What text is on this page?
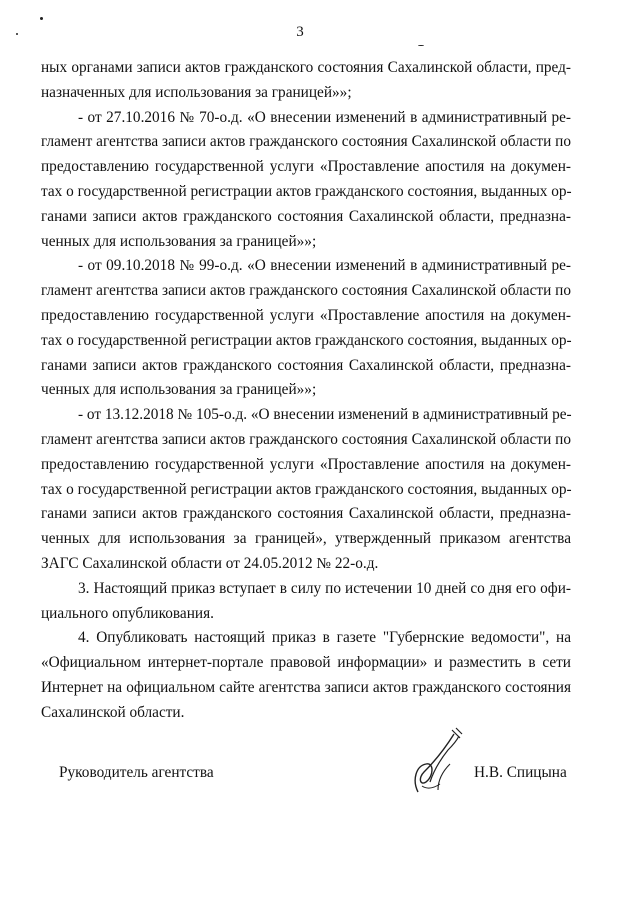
3
ных органами записи актов гражданского состояния Сахалинской области, пред-
назначенных для использования за границей»»;
- от 27.10.2016 № 70-о.д. «О внесении изменений в административный ре-
гламент агентства записи актов гражданского состояния Сахалинской области по
предоставлению государственной услуги «Проставление апостиля на докумен-
тах о государственной регистрации актов гражданского состояния, выданных ор-
ганами записи актов гражданского состояния Сахалинской области, предназна-
ченных для использования за границей»»;
- от 09.10.2018 № 99-о.д. «О внесении изменений в административный ре-
гламент агентства записи актов гражданского состояния Сахалинской области по
предоставлению государственной услуги «Проставление апостиля на докумен-
тах о государственной регистрации актов гражданского состояния, выданных ор-
ганами записи актов гражданского состояния Сахалинской области, предназна-
ченных для использования за границей»»;
- от 13.12.2018 № 105-о.д. «О внесении изменений в административный ре-
гламент агентства записи актов гражданского состояния Сахалинской области по
предоставлению государственной услуги «Проставление апостиля на докумен-
тах о государственной регистрации актов гражданского состояния, выданных ор-
ганами записи актов гражданского состояния Сахалинской области, предназна-
ченных для использования за границей», утвержденный приказом агентства
ЗАГС Сахалинской области от 24.05.2012 № 22-о.д.
3. Настоящий приказ вступает в силу по истечении 10 дней со дня его офи-
циального опубликования.
4. Опубликовать настоящий приказ в газете "Губернские ведомости", на
«Официальном интернет-портале правовой информации» и разместить в сети
Интернет на официальном сайте агентства записи актов гражданского состояния
Сахалинской области.
Руководитель агентства	Н.В. Спицына
